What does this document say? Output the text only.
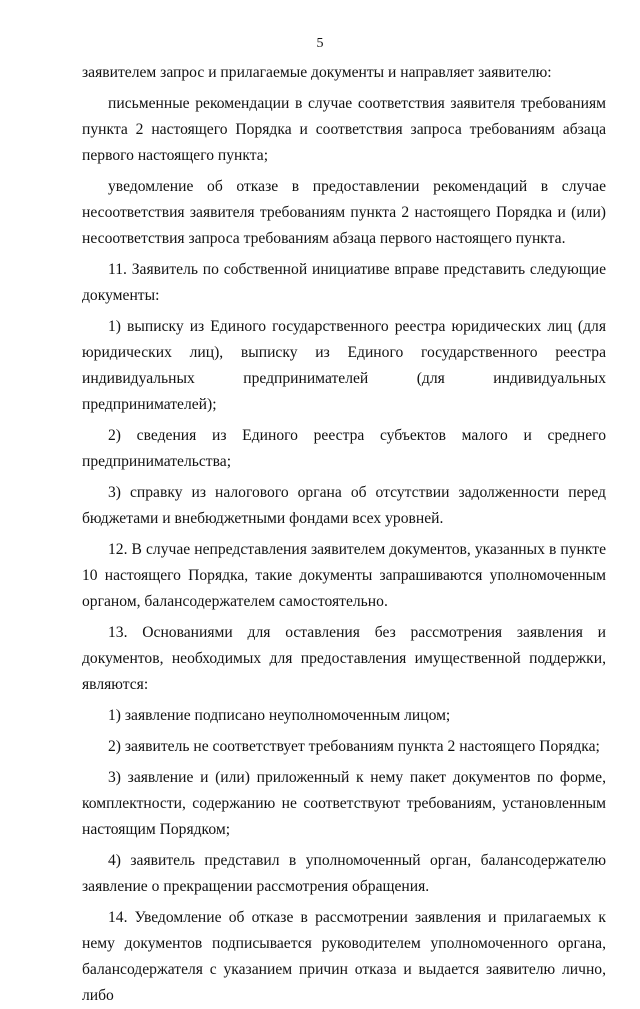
5

заявителем запрос и прилагаемые документы и направляет заявителю:

письменные рекомендации в случае соответствия заявителя требованиям пункта 2 настоящего Порядка и соответствия запроса требованиям абзаца первого настоящего пункта;

уведомление об отказе в предоставлении рекомендаций в случае несоответствия заявителя требованиям пункта 2 настоящего Порядка и (или) несоответствия запроса требованиям абзаца первого настоящего пункта.

11. Заявитель по собственной инициативе вправе представить следующие документы:

1) выписку из Единого государственного реестра юридических лиц (для юридических лиц), выписку из Единого государственного реестра индивидуальных предпринимателей (для индивидуальных предпринимателей);

2) сведения из Единого реестра субъектов малого и среднего предпринимательства;

3) справку из налогового органа об отсутствии задолженности перед бюджетами и внебюджетными фондами всех уровней.

12. В случае непредставления заявителем документов, указанных в пункте 10 настоящего Порядка, такие документы запрашиваются уполномоченным органом, балансодержателем самостоятельно.

13. Основаниями для оставления без рассмотрения заявления и документов, необходимых для предоставления имущественной поддержки, являются:

1) заявление подписано неуполномоченным лицом;

2) заявитель не соответствует требованиям пункта 2 настоящего Порядка;

3) заявление и (или) приложенный к нему пакет документов по форме, комплектности, содержанию не соответствуют требованиям, установленным настоящим Порядком;

4) заявитель представил в уполномоченный орган, балансодержателю заявление о прекращении рассмотрения обращения.

14. Уведомление об отказе в рассмотрении заявления и прилагаемых к нему документов подписывается руководителем уполномоченного органа, балансодержателя с указанием причин отказа и выдается заявителю лично, либо
